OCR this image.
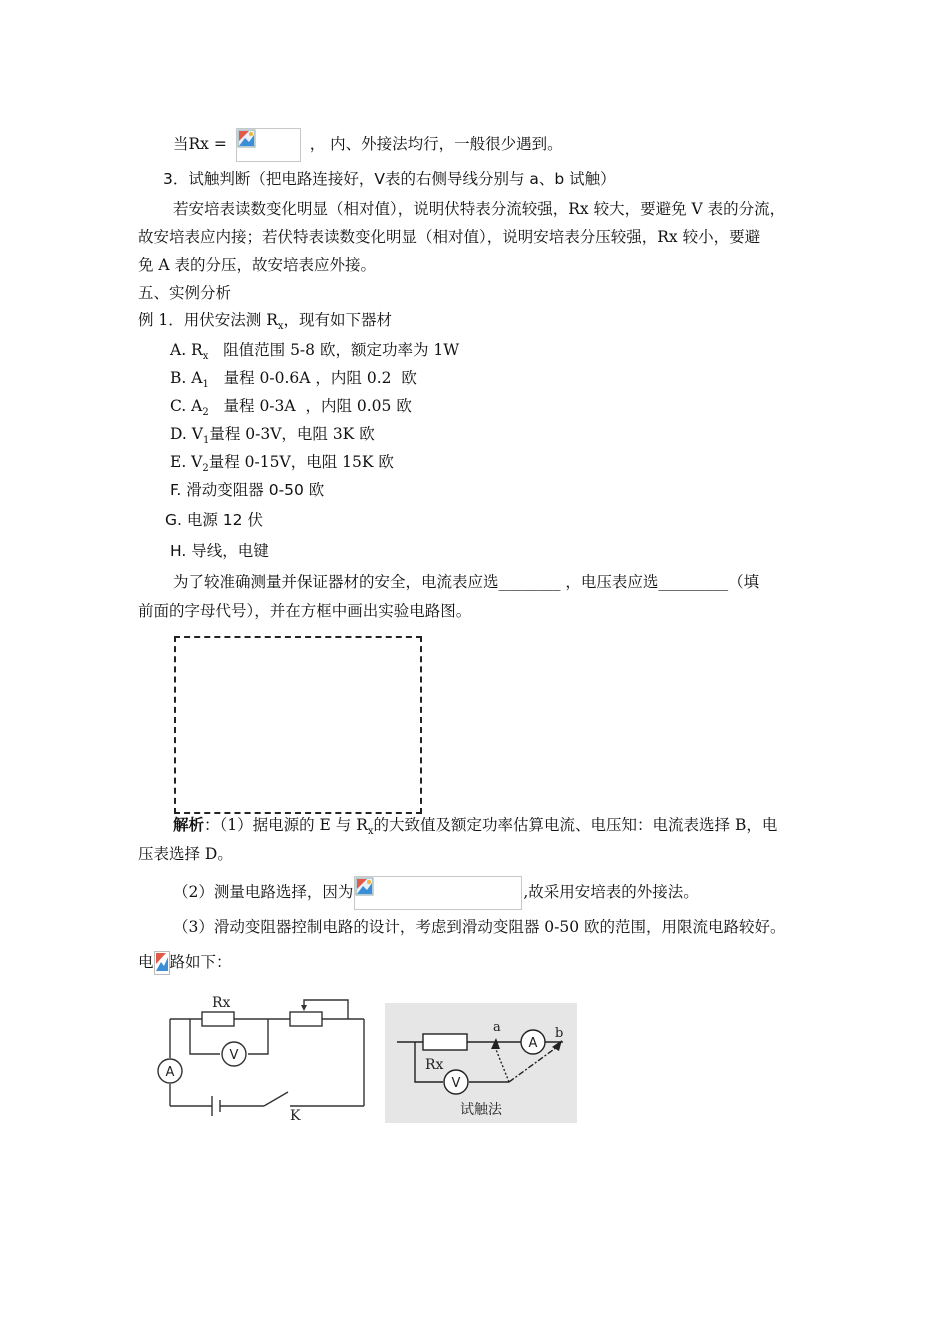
当Rx =	， 内、外接法均行，一般很少遇到。
3．试触判断（把电路连接好，V表的右侧导线分别与 a、b 试触）
若安培表读数变化明显（相对值），说明伏特表分流较强，Rx 较大，要避免 V 表的分流，
故安培表应内接；若伏特表读数变化明显（相对值），说明安培表分压较强，Rx 较小，要避
免 A 表的分压，故安培表应外接。
五、实例分析
例 1．用伏安法测 $R_x$，现有如下器材
A. $R_x$   阻值范围 5-8 欧，额定功率为 1W
B. $A_1$   量程 0-0.6A ，内阻 0.2  欧
C. $A_2$   量程 0-3A  ，内阻 0.05 欧
D. $V_1$量程 0-3V，电阻 3K 欧
E. $V_2$量程 0-15V，电阻 15K 欧
F. 滑动变阻器 0-50 欧
G. 电源 12 伏
H. 导线，电键
为了较准确测量并保证器材的安全，电流表应选________ ，电压表应选_________（填
前面的字母代号），并在方框中画出实验电路图。
解析：（1）据电源的 E 与 $R_x$的大致值及额定功率估算电流、电压知：电流表选择 B，电
压表选择 D。
（2）测量电路选择，因为	,故采用安培表的外接法。
（3）滑动变阻器控制电路的设计，考虑到滑动变阻器 0-50 欧的范围，用限流电路较好。
电 路如下：
Rx
A
V
K
A
V
Rx
a	b
试触法
